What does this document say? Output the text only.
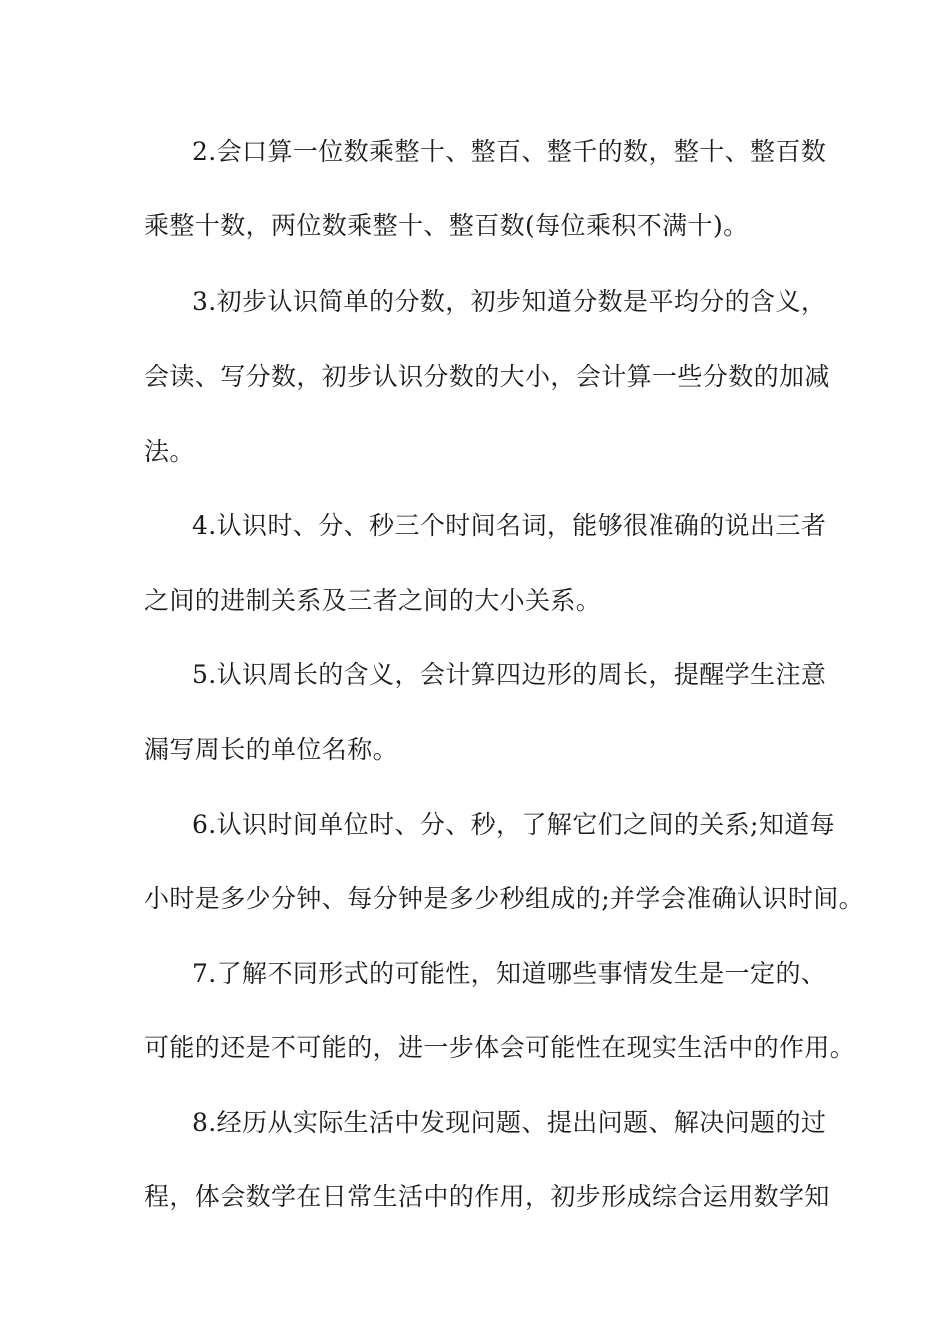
2.会口算一位数乘整十、整百、整千的数，整十、整百数
乘整十数，两位数乘整十、整百数(每位乘积不满十)。
3.初步认识简单的分数，初步知道分数是平均分的含义，
会读、写分数，初步认识分数的大小，会计算一些分数的加减
法。
4.认识时、分、秒三个时间名词，能够很准确的说出三者
之间的进制关系及三者之间的大小关系。
5.认识周长的含义，会计算四边形的周长，提醒学生注意
漏写周长的单位名称。
6.认识时间单位时、分、秒，了解它们之间的关系;知道每
小时是多少分钟、每分钟是多少秒组成的;并学会准确认识时间。
7.了解不同形式的可能性，知道哪些事情发生是一定的、
可能的还是不可能的，进一步体会可能性在现实生活中的作用。
8.经历从实际生活中发现问题、提出问题、解决问题的过
程，体会数学在日常生活中的作用，初步形成综合运用数学知
